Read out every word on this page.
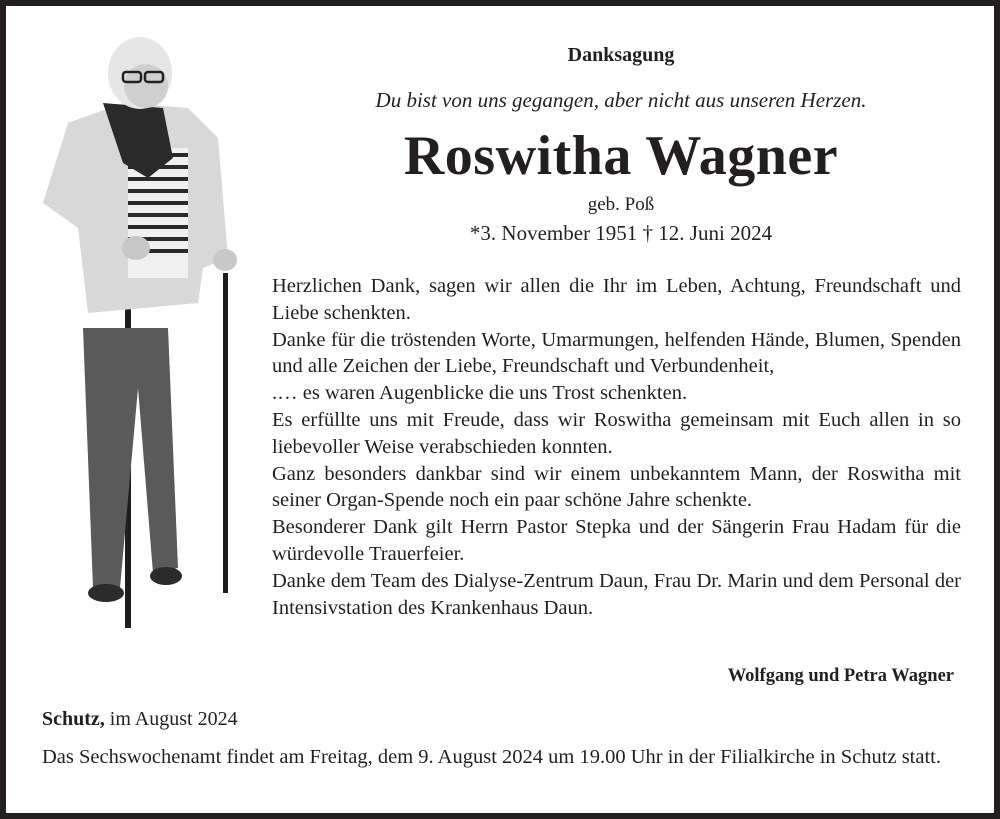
Danksagung
Du bist von uns gegangen, aber nicht aus unseren Herzen.
Roswitha Wagner
geb. Poß
*3. November 1951 † 12. Juni 2024

Herzlichen Dank, sagen wir allen die Ihr im Leben, Achtung, Freundschaft und Liebe schenkten.

Danke für die tröstenden Worte, Umarmungen, helfenden Hände, Blumen, Spenden und alle Zeichen der Liebe, Freundschaft und Verbundenheit,

.… es waren Augenblicke die uns Trost schenkten.

Es erfüllte uns mit Freude, dass wir Roswitha gemeinsam mit Euch allen in so liebevoller Weise verabschieden konnten.

Ganz besonders dankbar sind wir einem unbekanntem Mann, der Roswitha mit seiner Organ-Spende noch ein paar schöne Jahre schenkte.

Besonderer Dank gilt Herrn Pastor Stepka und der Sängerin Frau Hadam für die würdevolle Trauerfeier.

Danke dem Team des Dialyse-Zentrum Daun, Frau Dr. Marin und dem Personal der Intensivstation des Krankenhaus Daun.

Wolfgang und Petra Wagner
Schutz, im August 2024
Das Sechswochenamt findet am Freitag, dem 9. August 2024 um 19.00 Uhr in der Filialkirche in Schutz statt.
